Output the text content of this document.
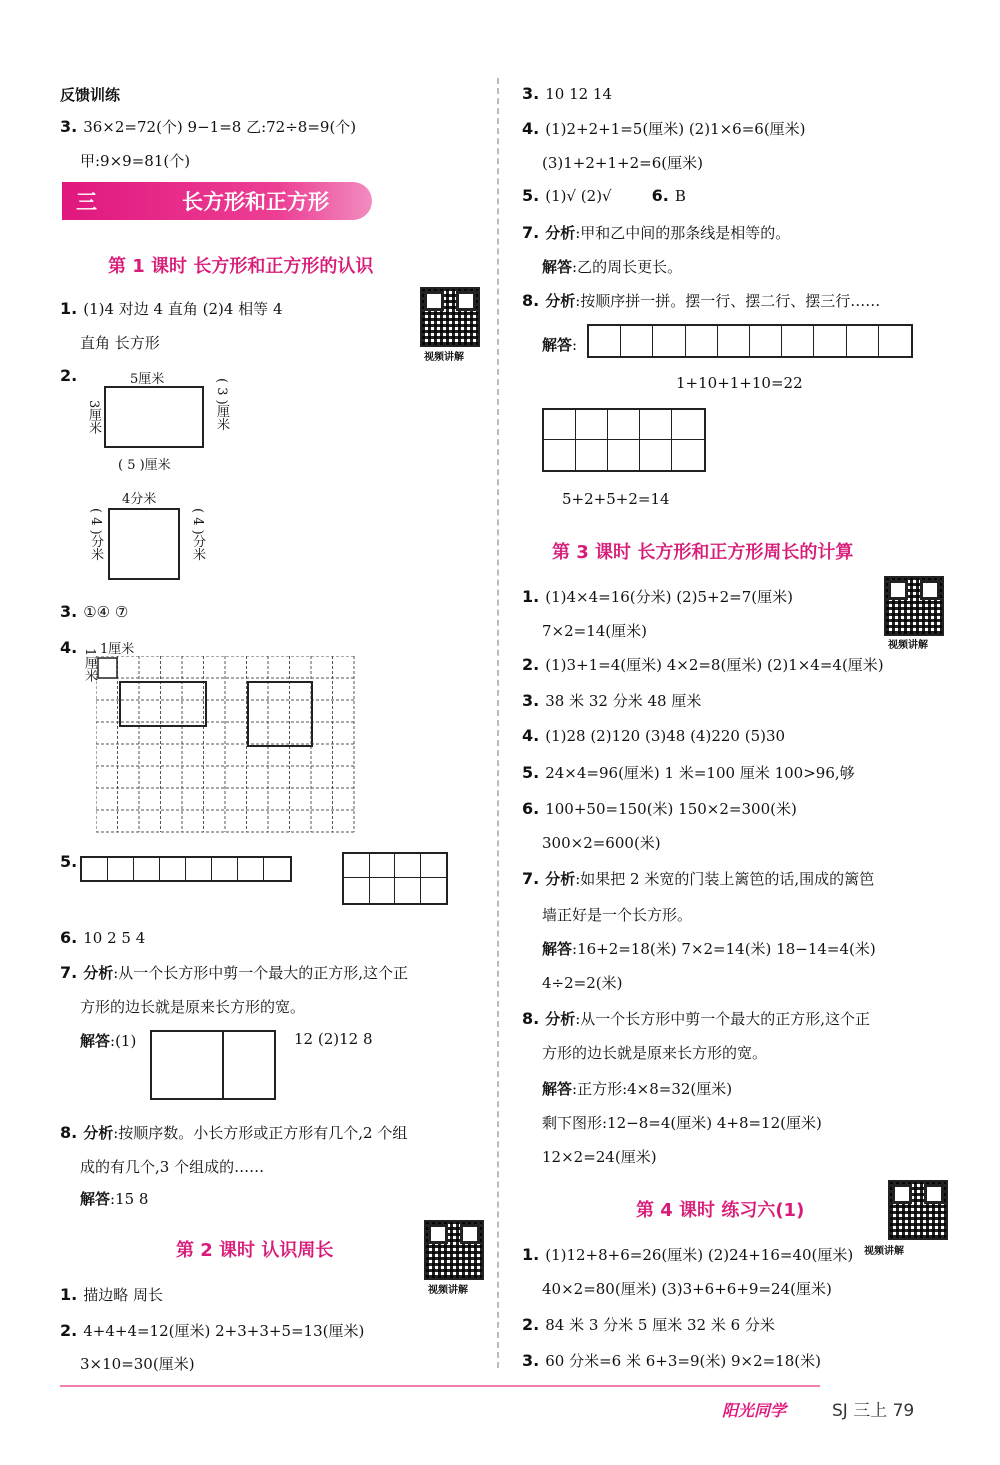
反馈训练
3. 36×2=72(个) 9−1=8 乙:72÷8=9(个)
甲:9×9=81(个)
三	长方形和正方形
第 1 课时 长方形和正方形的认识
1. (1)4 对边 4 直角 (2)4 相等 4
直角 长方形
视频讲解
2.	5厘米
3厘米	( 3 )厘米
( 5 )厘米
4分米
( 4 )分米	( 4 )分米
3. ①④ ⑦
4.	1厘米
1厘米
5.
6. 10 2 5 4
7. 分析:从一个长方形中剪一个最大的正方形,这个正
方形的边长就是原来长方形的宽。
解答:(1)	12 (2)12 8
8. 分析:按顺序数。小长方形或正方形有几个,2 个组
成的有几个,3 个组成的……
解答:15 8
第 2 课时 认识周长
视频讲解
1. 描边略 周长
2. 4+4+4=12(厘米) 2+3+3+5=13(厘米)
3×10=30(厘米)
3. 10 12 14
4. (1)2+2+1=5(厘米) (2)1×6=6(厘米)
(3)1+2+1+2=6(厘米)
5. (1)√ (2)√	6. B
7. 分析:甲和乙中间的那条线是相等的。
解答:乙的周长更长。
8. 分析:按顺序拼一拼。摆一行、摆二行、摆三行……
解答:
1+10+1+10=22
5+2+5+2=14
第 3 课时 长方形和正方形周长的计算
视频讲解
1. (1)4×4=16(分米) (2)5+2=7(厘米)
7×2=14(厘米)
2. (1)3+1=4(厘米) 4×2=8(厘米) (2)1×4=4(厘米)
3. 38 米 32 分米 48 厘米
4. (1)28 (2)120 (3)48 (4)220 (5)30
5. 24×4=96(厘米) 1 米=100 厘米 100>96,够
6. 100+50=150(米) 150×2=300(米)
300×2=600(米)
7. 分析:如果把 2 米宽的门装上篱笆的话,围成的篱笆
墙正好是一个长方形。
解答:16+2=18(米) 7×2=14(米) 18−14=4(米)
4÷2=2(米)
8. 分析:从一个长方形中剪一个最大的正方形,这个正
方形的边长就是原来长方形的宽。
解答:正方形:4×8=32(厘米)
剩下图形:12−8=4(厘米) 4+8=12(厘米)
12×2=24(厘米)
第 4 课时 练习六(1)
视频讲解
1. (1)12+8+6=26(厘米) (2)24+16=40(厘米)
40×2=80(厘米) (3)3+6+6+9=24(厘米)
2. 84 米 3 分米 5 厘米 32 米 6 分米
3. 60 分米=6 米 6+3=9(米) 9×2=18(米)
阳光同学	SJ 三上 79
